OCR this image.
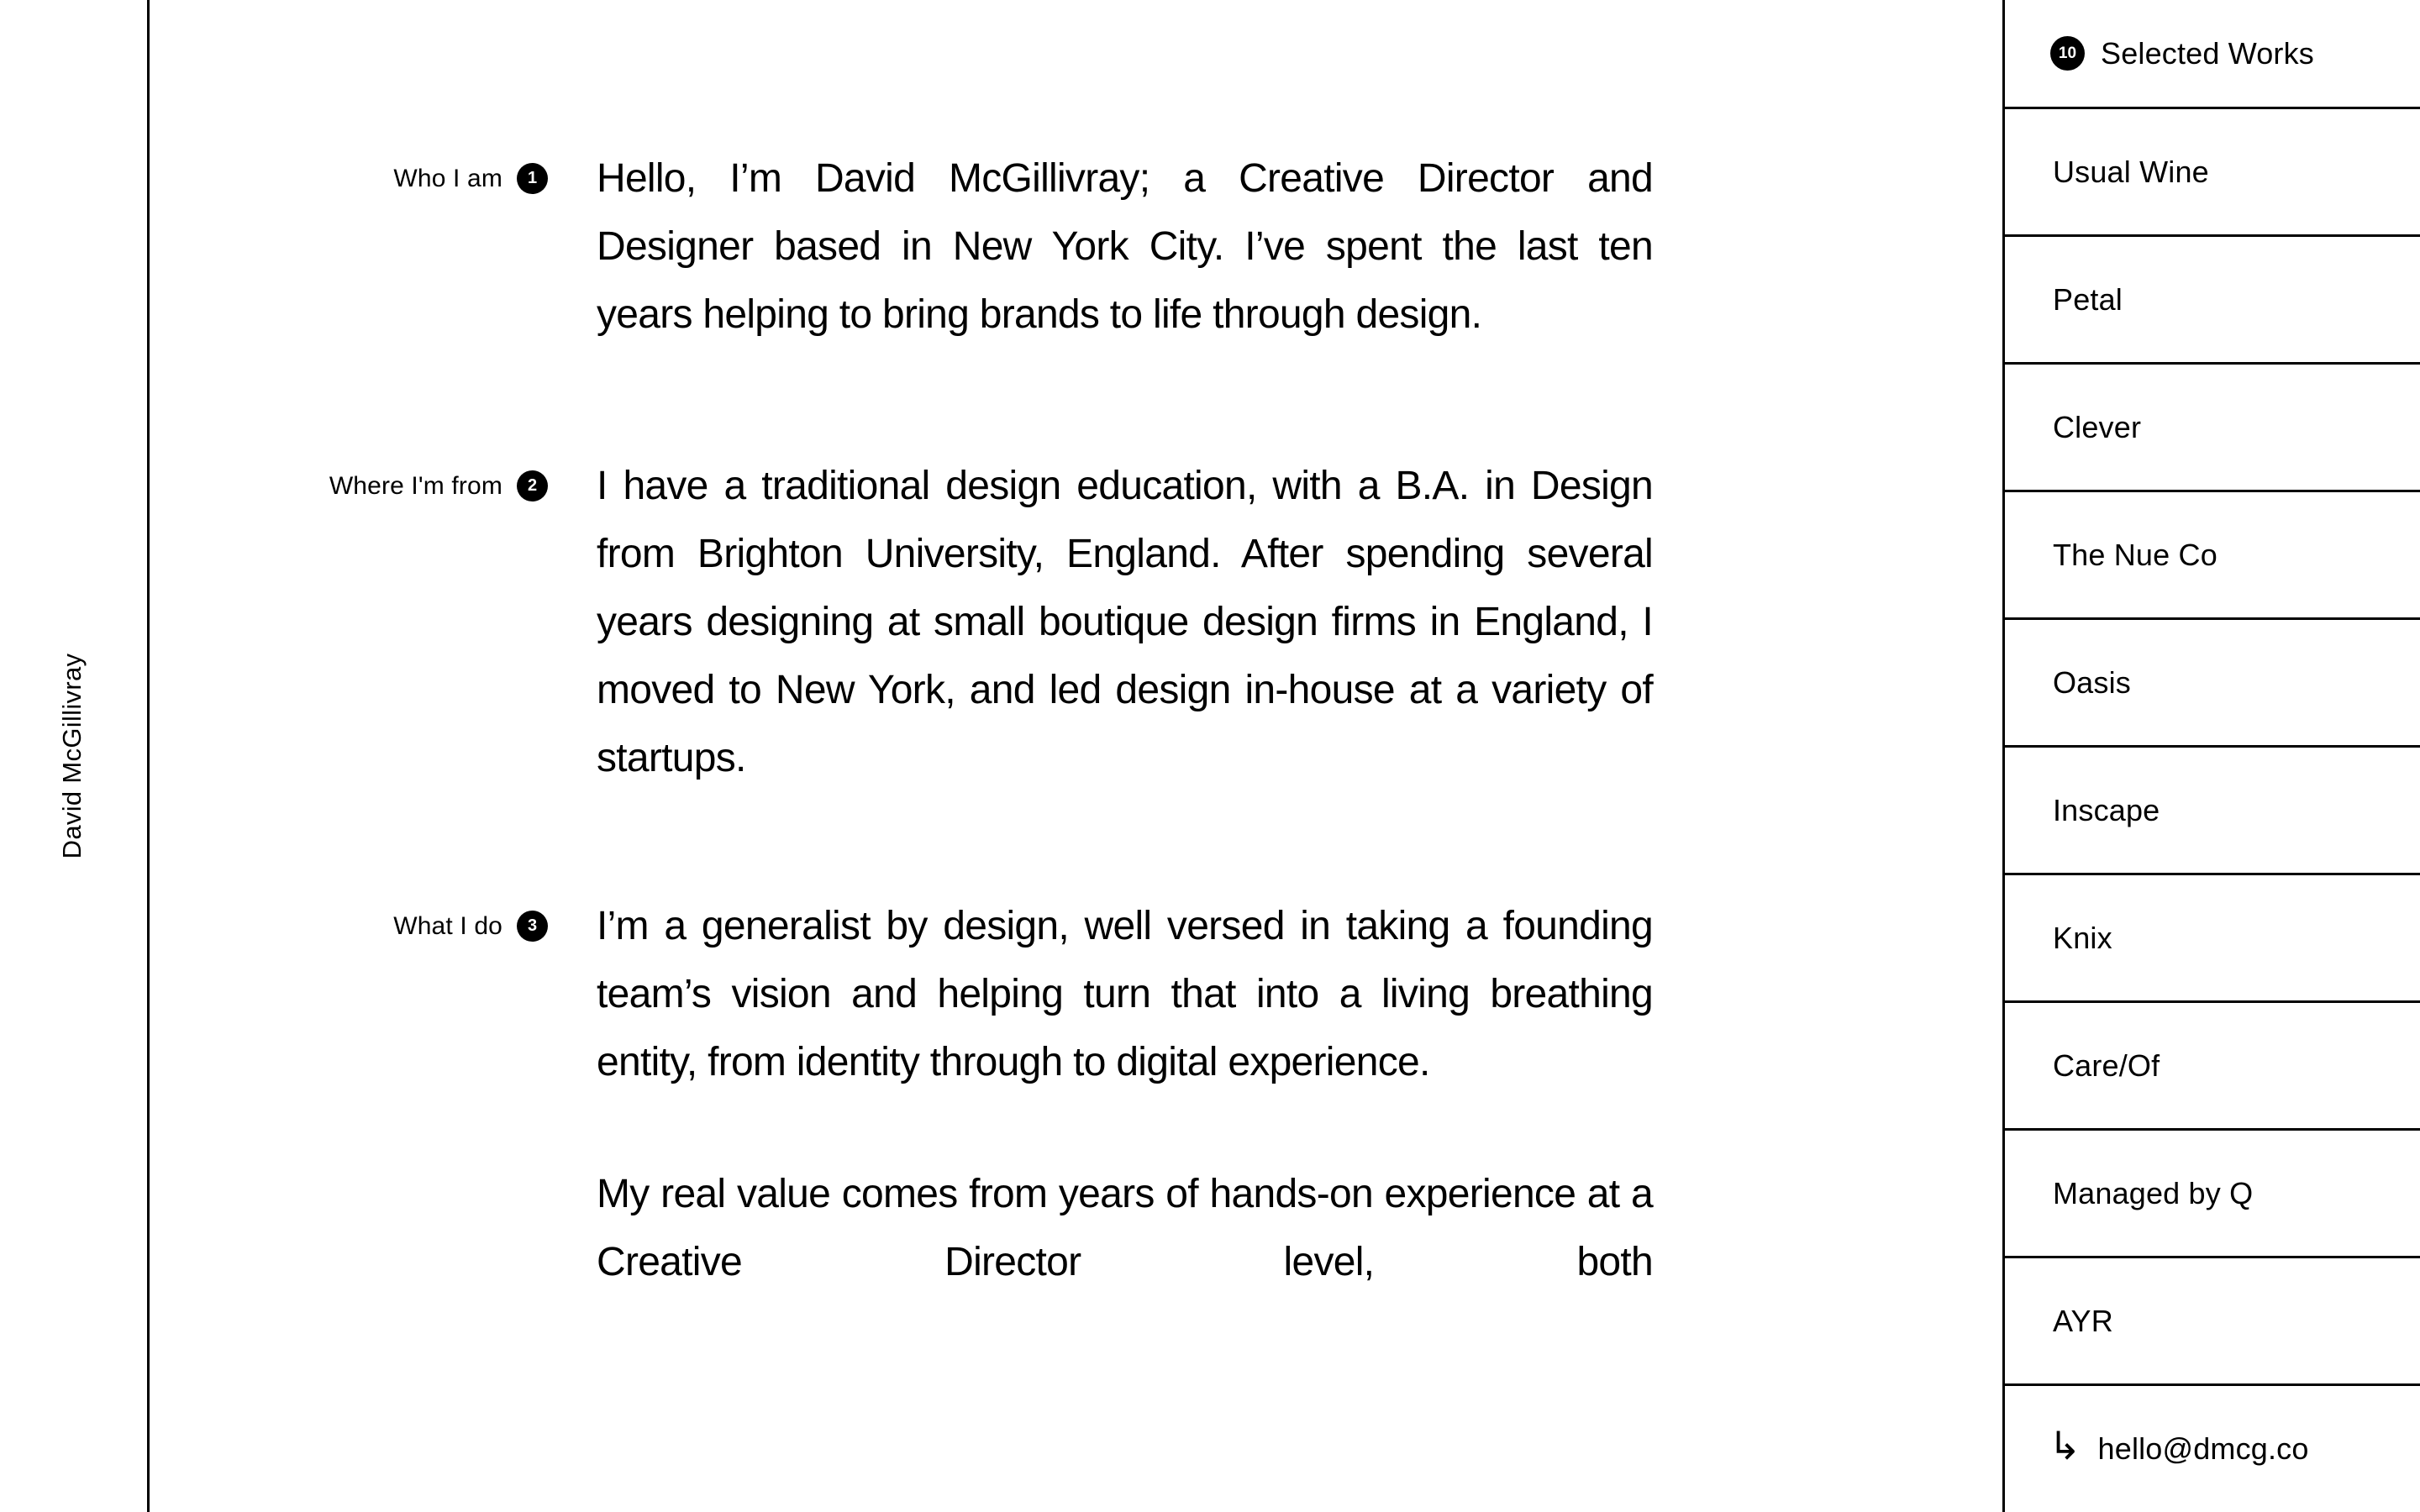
David McGillivray
Who I am	1 Hello, I’m David McGillivray; a Creative Director and Designer based in New York City. I’ve spent the last ten years helping to bring brands to life through design.

Where I'm from	2 I have a traditional design education, with a B.A. in Design from Brighton University, England. After spending several years designing at small boutique design firms in England, I moved to New York, and led design in-house at a variety of startups.

What I do	3 I’m a generalist by design, well versed in taking a founding team’s vision and helping turn that into a living breathing entity, from identity through to digital experience.

My real value comes from years of hands-on experience at a Creative Director level, both

10 Selected Works
Usual Wine
Petal
Clever
The Nue Co
Oasis
Inscape
Knix
Care/Of
Managed by Q
AYR
↳ hello@dmcg.co
